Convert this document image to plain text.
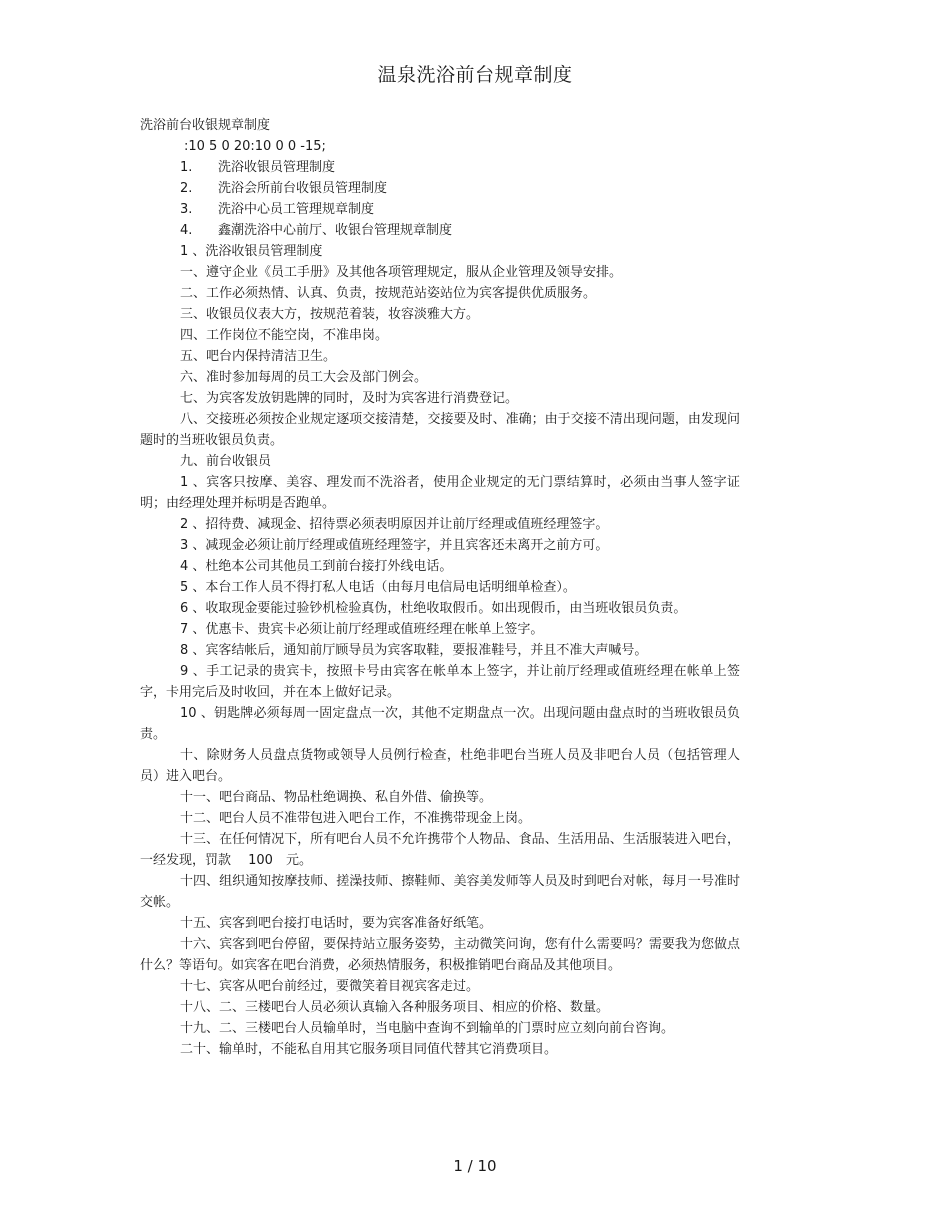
温泉洗浴前台规章制度
洗浴前台收银规章制度
:10 5 0 20:10 0 0 -15;
1. 洗浴收银员管理制度
2. 洗浴会所前台收银员管理制度
3. 洗浴中心员工管理规章制度
4. 鑫潮洗浴中心前厅、收银台管理规章制度
1 、洗浴收银员管理制度

一、遵守企业《员工手册》及其他各项管理规定，服从企业管理及领导安排。

二、工作必须热情、认真、负责，按规范站姿站位为宾客提供优质服务。

三、收银员仪表大方，按规范着装，妆容淡雅大方。

四、工作岗位不能空岗，不准串岗。

五、吧台内保持清洁卫生。

六、准时参加每周的员工大会及部门例会。

七、为宾客发放钥匙牌的同时，及时为宾客进行消费登记。

八、交接班必须按企业规定逐项交接清楚，交接要及时、准确；由于交接不清出现问题，由发现问题时的当班收银员负责。

九、前台收银员

1 、宾客只按摩、美容、理发而不洗浴者，使用企业规定的无门票结算时，必须由当事人签字证明；由经理处理并标明是否跑单。

2 、招待费、减现金、招待票必须表明原因并让前厅经理或值班经理签字。

3 、减现金必须让前厅经理或值班经理签字，并且宾客还未离开之前方可。

4 、杜绝本公司其他员工到前台接打外线电话。

5 、本台工作人员不得打私人电话（由每月电信局电话明细单检查）。

6 、收取现金要能过验钞机检验真伪，杜绝收取假币。如出现假币，由当班收银员负责。

7 、优惠卡、贵宾卡必须让前厅经理或值班经理在帐单上签字。

8 、宾客结帐后，通知前厅顾导员为宾客取鞋，要报准鞋号，并且不准大声喊号。

9 、手工记录的贵宾卡，按照卡号由宾客在帐单本上签字，并让前厅经理或值班经理在帐单上签字，卡用完后及时收回，并在本上做好记录。

10 、钥匙牌必须每周一固定盘点一次，其他不定期盘点一次。出现问题由盘点时的当班收银员负责。

十、除财务人员盘点货物或领导人员例行检查，杜绝非吧台当班人员及非吧台人员（包括管理人员）进入吧台。

十一、吧台商品、物品杜绝调换、私自外借、偷换等。

十二、吧台人员不准带包进入吧台工作，不准携带现金上岗。

十三、在任何情况下，所有吧台人员不允许携带个人物品、食品、生活用品、生活服装进入吧台，一经发现，罚款　 100　元。

十四、组织通知按摩技师、搓澡技师、擦鞋师、美容美发师等人员及时到吧台对帐，每月一号准时交帐。

十五、宾客到吧台接打电话时，要为宾客准备好纸笔。

十六、宾客到吧台停留，要保持站立服务姿势，主动微笑问询，您有什么需要吗？需要我为您做点什么？等语句。如宾客在吧台消费，必须热情服务，积极推销吧台商品及其他项目。

十七、宾客从吧台前经过，要微笑着目视宾客走过。

十八、二、三楼吧台人员必须认真输入各种服务项目、相应的价格、数量。

十九、二、三楼吧台人员输单时，当电脑中查询不到输单的门票时应立刻向前台咨询。

二十、输单时，不能私自用其它服务项目同值代替其它消费项目。

1 / 10
